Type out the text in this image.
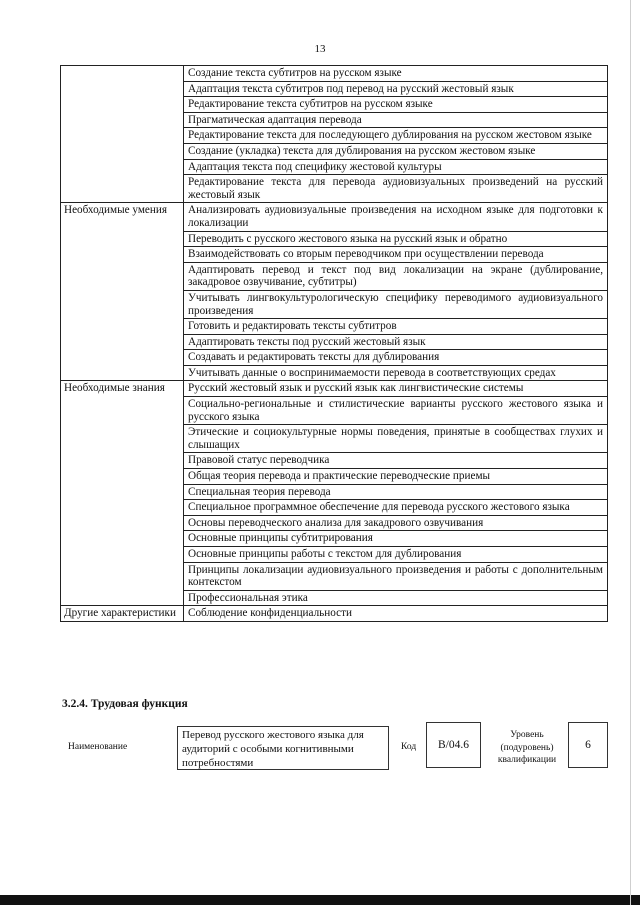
13
	Создание текста субтитров на русском языке
	Адаптация текста субтитров под перевод на русский жестовый язык
	Редактирование текста субтитров на русском языке
	Прагматическая адаптация перевода
	Редактирование текста для последующего дублирования на русском жестовом языке
	Создание (укладка) текста для дублирования на русском жестовом языке
	Адаптация текста под специфику жестовой культуры
	Редактирование текста для перевода аудиовизуальных произведений на русский жестовый язык
Необходимые умения	Анализировать аудиовизуальные произведения на исходном языке для подготовки к локализации
	Переводить с русского жестового языка на русский язык и обратно
	Взаимодействовать со вторым переводчиком при осуществлении перевода
	Адаптировать перевод и текст под вид локализации на экране (дублирование, закадровое озвучивание, субтитры)
	Учитывать лингвокультурологическую специфику переводимого аудиовизуального произведения
	Готовить и редактировать тексты субтитров
	Адаптировать тексты под русский жестовый язык
	Создавать и редактировать тексты для дублирования
	Учитывать данные о воспринимаемости перевода в соответствующих средах
Необходимые знания	Русский жестовый язык и русский язык как лингвистические системы
	Социально-региональные и стилистические варианты русского жестового языка и русского языка
	Этические и социокультурные нормы поведения, принятые в сообществах глухих и слышащих
	Правовой статус переводчика
	Общая теория перевода и практические переводческие приемы
	Специальная теория перевода
	Специальное программное обеспечение для перевода русского жестового языка
	Основы переводческого анализа для закадрового озвучивания
	Основные принципы субтитрирования
	Основные принципы работы с текстом для дублирования
	Принципы локализации аудиовизуального произведения и работы с дополнительным контекстом
	Профессиональная этика
Другие характеристики	Соблюдение конфиденциальности
3.2.4. Трудовая функция
Наименование
Перевод русского жестового языка для аудиторий с особыми когнитивными потребностями
Код	B/04.6
Уровень (подуровень) квалификации
6
